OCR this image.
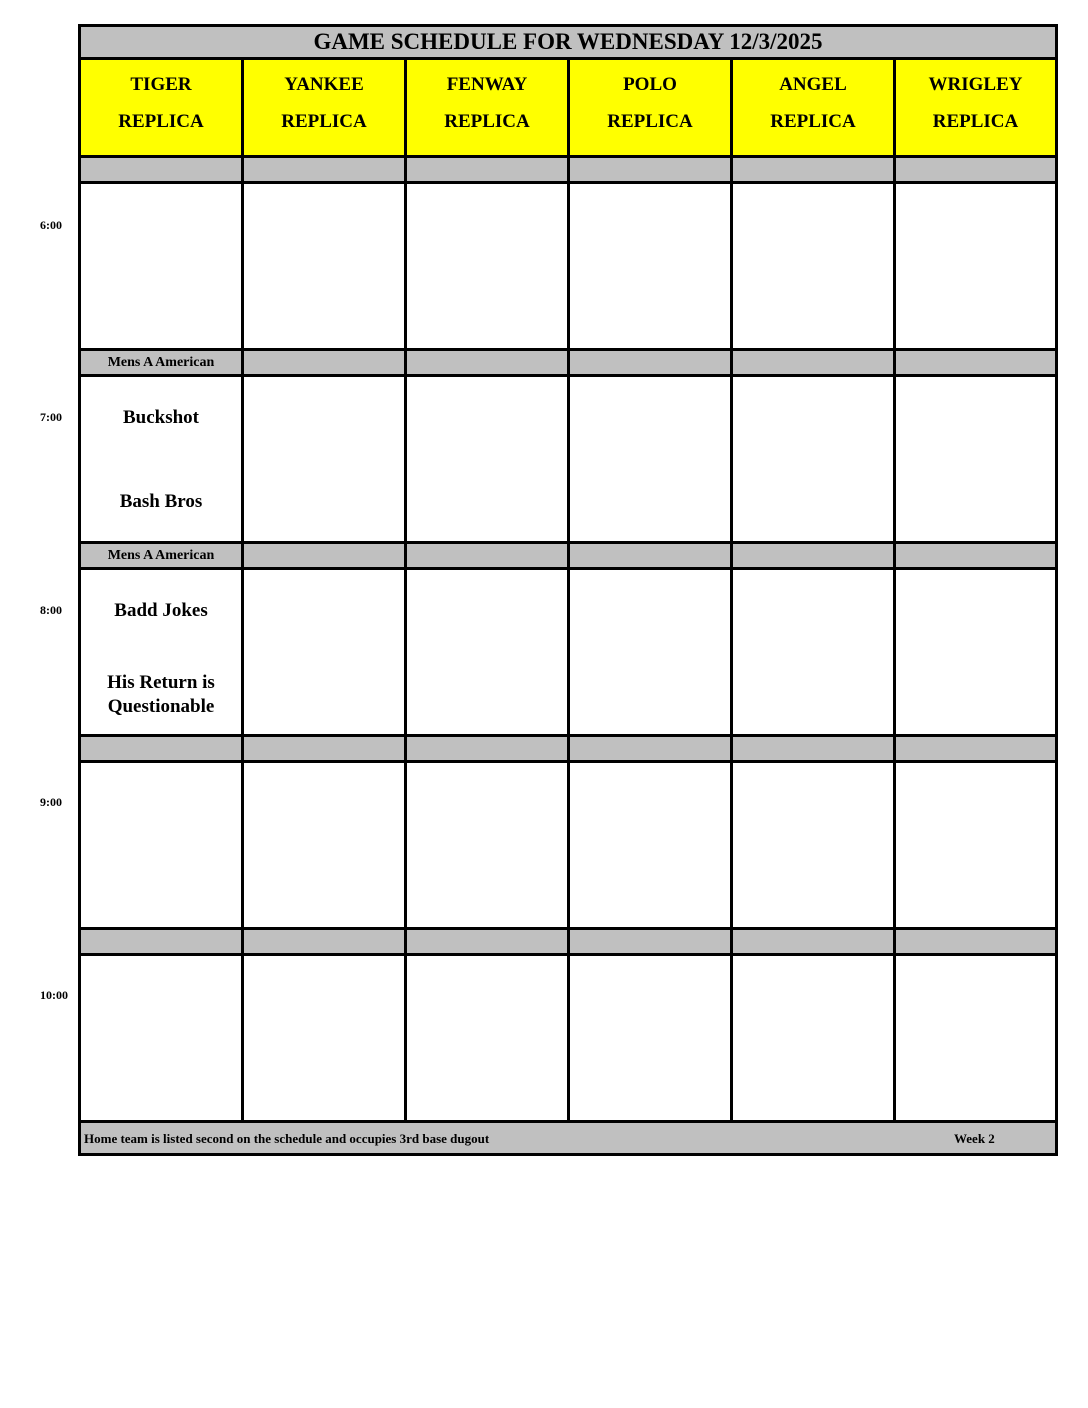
6:00
7:00
8:00
9:00
10:00
GAME SCHEDULE FOR WEDNESDAY 12/3/2025
TIGER
REPLICA
Mens A American
Buckshot
Bash Bros
Mens A American
Badd Jokes
His Return is
Questionable
YANKEE
REPLICA
FENWAY
REPLICA
POLO
REPLICA
ANGEL
REPLICA
WRIGLEY
REPLICA
Home team is listed second on the schedule and occupies 3rd base dugout	Week 2
